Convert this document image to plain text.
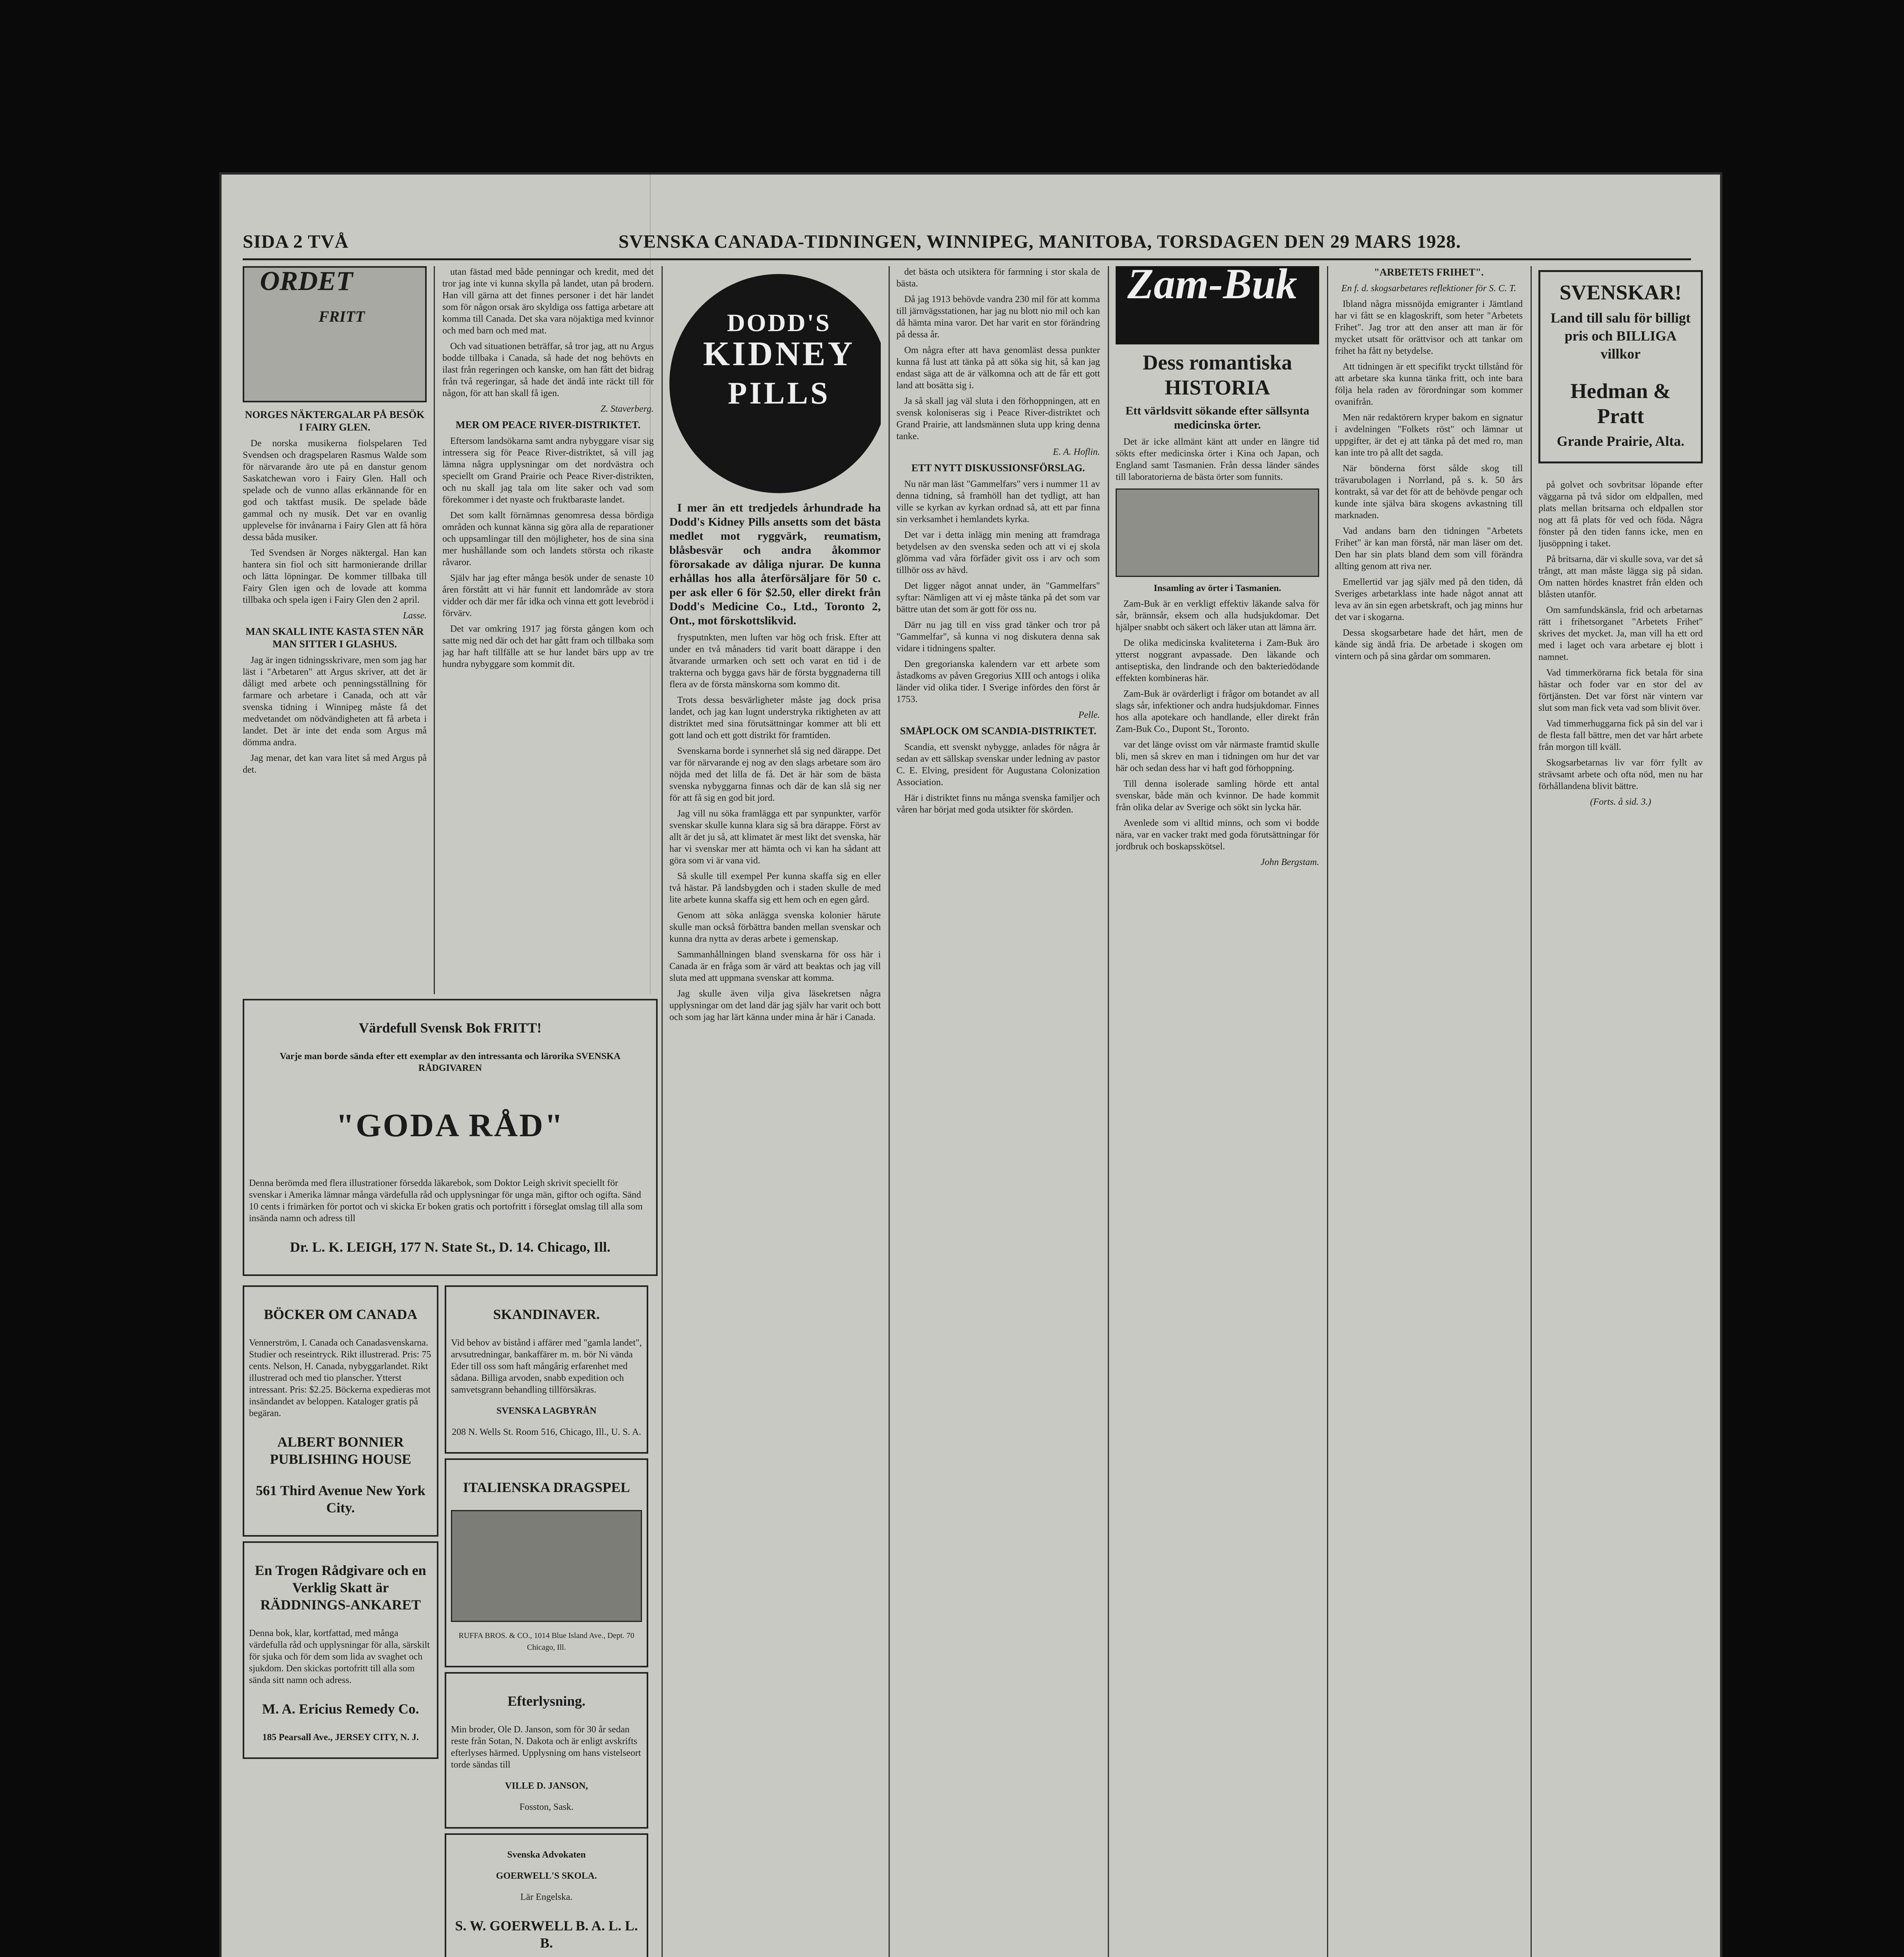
SIDA 2 TVÅ	SVENSKA CANADA-TIDNINGEN, WINNIPEG, MANITOBA, TORSDAGEN DEN 29 MARS 1928.
ORDET
FRITT

NORGES NÄKTERGALAR PÅ BESÖK I FAIRY GLEN.

De norska musikerna fiolspelaren Ted Svendsen och dragspelaren Rasmus Walde som för närvarande äro ute på en danstur genom Saskatchewan voro i Fairy Glen. Hall och spelade och de vunno allas erkännande för en god och taktfast musik. De spelade både gammal och ny musik. Det var en ovanlig upplevelse för invånarna i Fairy Glen att få höra dessa båda musiker.

Ted Svendsen är Norges näktergal. Han kan hantera sin fiol och sitt harmonierande drillar och lätta löpningar. De kommer tillbaka till Fairy Glen igen och de lovade att komma tillbaka och spela igen i Fairy Glen den 2 april.

Lasse.

MAN SKALL INTE KASTA STEN NÄR MAN SITTER I GLASHUS.

Jag är ingen tidningsskrivare, men som jag har läst i "Arbetaren" att Argus skriver, att det är dåligt med arbete och penningsställning för farmare och arbetare i Canada, och att vår svenska tidning i Winnipeg måste få det medvetandet om nödvändigheten att få arbeta i landet. Det är inte det enda som Argus må dömma andra.

Jag menar, det kan vara litet så med Argus på det.

utan fästad med både penningar och kredit, med det tror jag inte vi kunna skylla på landet, utan på brodern. Han vill gärna att det finnes personer i det här landet som för någon orsak äro skyldiga oss fattiga arbetare att komma till Canada. Det ska vara nöjaktiga med kvinnor och med barn och med mat.

Och vad situationen beträffar, så tror jag, att nu Argus bodde tillbaka i Canada, så hade det nog behövts en ilast från regeringen och kanske, om han fått det bidrag från två regeringar, så hade det ändå inte räckt till för någon, för att han skall få igen.

Z. Staverberg.

MER OM PEACE RIVER-DISTRIKTET.

Eftersom landsökarna samt andra nybyggare visar sig intressera sig för Peace River-distriktet, så vill jag lämna några upplysningar om det nordvästra och speciellt om Grand Prairie och Peace River-distrikten, och nu skall jag tala om lite saker och vad som förekommer i det nyaste och fruktbaraste landet.

Det som kallt förnämnas genomresa dessa bördiga områden och kunnat känna sig göra alla de reparationer och uppsamlingar till den möjligheter, hos de sina sina mer hushållande som och landets största och rikaste råvaror.

Själv har jag efter många besök under de senaste 10 åren förstått att vi här funnit ett landområde av stora vidder och där mer får idka och vinna ett gott levebröd i förvärv.

Det var omkring 1917 jag första gången kom och satte mig ned där och det har gått fram och tillbaka som jag har haft tillfälle att se hur landet bärs upp av tre hundra nybyggare som kommit dit.

Värdefull Svensk Bok FRITT!

Varje man borde sända efter ett exemplar av den intressanta och lärorika SVENSKA RÅDGIVAREN

"GODA RÅD"

Denna berömda med flera illustrationer försedda läkarebok, som Doktor Leigh skrivit speciellt för svenskar i Amerika lämnar många värdefulla råd och upplysningar för unga män, giftor och ogifta. Sänd 10 cents i frimärken för portot och vi skicka Er boken gratis och portofritt i förseglat omslag till alla som insända namn och adress till

Dr. L. K. LEIGH, 177 N. State St., D. 14. Chicago, Ill.

BÖCKER OM CANADA

Vennerström, I. Canada och Canadasvenskarna. Studier och reseintryck. Rikt illustrerad. Pris: 75 cents. Nelson, H. Canada, nybyggarlandet. Rikt illustrerad och med tio planscher. Ytterst intressant. Pris: $2.25. Böckerna expedieras mot insändandet av beloppen. Kataloger gratis på begäran.

ALBERT BONNIER PUBLISHING HOUSE

561 Third Avenue New York City.

En Trogen Rådgivare och en Verklig Skatt är RÄDDNINGS-ANKARET

Denna bok, klar, kortfattad, med många värdefulla råd och upplysningar för alla, särskilt för sjuka och för dem som lida av svaghet och sjukdom. Den skickas portofritt till alla som sända sitt namn och adress.

M. A. Ericius Remedy Co.

185 Pearsall Ave., JERSEY CITY, N. J.

SKANDINAVER.

Vid behov av bistånd i affärer med "gamla landet", arvsutredningar, bankaffärer m. m. bör Ni vända Eder till oss som haft mångårig erfarenhet med sådana. Billiga arvoden, snabb expedition och samvetsgrann behandling tillförsäkras.

SVENSKA LAGBYRÅN

208 N. Wells St. Room 516, Chicago, Ill., U. S. A.

ITALIENSKA DRAGSPEL

RUFFA BROS. & CO., 1014 Blue Island Ave., Dept. 70 Chicago, Ill.

Efterlysning.

Min broder, Ole D. Janson, som för 30 år sedan reste från Sotan, N. Dakota och är enligt avskrifts efterlyses härmed. Upplysning om hans vistelseort torde sändas till

VILLE D. JANSON,

Fosston, Sask.

Svenska Advokaten

GOERWELL'S SKOLA.

Lär Engelska.

S. W. GOERWELL B. A. L. L. B.

DODD'S
KIDNEY
PILLS

I mer än ett tredjedels århundrade ha Dodd's Kidney Pills ansetts som det bästa medlet mot ryggvärk, reumatism, blåsbesvär och andra åkommor förorsakade av dåliga njurar. De kunna erhållas hos alla återförsäljare för 50 c. per ask eller 6 för $2.50, eller direkt från Dodd's Medicine Co., Ltd., Toronto 2, Ont., mot förskottslikvid.

frysputnkten, men luften var hög och frisk. Efter att under en två månaders tid varit boatt därappe i den åtvarande urmarken och sett och varat en tid i de trakterna och bygga gavs här de första byggnaderna till flera av de första mänskorna som kommo dit.

Trots dessa besvärligheter måste jag dock prisa landet, och jag kan lugnt understryka riktigheten av att distriktet med sina förutsättningar kommer att bli ett gott land och ett gott distrikt för framtiden.

Svenskarna borde i synnerhet slå sig ned därappe. Det var för närvarande ej nog av den slags arbetare som äro nöjda med det lilla de få. Det är här som de bästa svenska nybyggarna finnas och där de kan slå sig ner för att få sig en god bit jord.

Jag vill nu söka framlägga ett par synpunkter, varför svenskar skulle kunna klara sig så bra därappe. Först av allt är det ju så, att klimatet är mest likt det svenska, här har vi svenskar mer att hämta och vi kan ha sådant att göra som vi är vana vid.

Så skulle till exempel Per kunna skaffa sig en eller två hästar. På landsbygden och i staden skulle de med lite arbete kunna skaffa sig ett hem och en egen gård.

Genom att söka anlägga svenska kolonier härute skulle man också förbättra banden mellan svenskar och kunna dra nytta av deras arbete i gemenskap.

Sammanhållningen bland svenskarna för oss här i Canada är en fråga som är värd att beaktas och jag vill sluta med att uppmana svenskar att komma.

Jag skulle även vilja giva läsekretsen några upplysningar om det land där jag själv har varit och bott och som jag har lärt känna under mina år här i Canada.

det bästa och utsiktera för farmning i stor skala de bästa.

Då jag 1913 behövde vandra 230 mil för att komma till järnvägsstationen, har jag nu blott nio mil och kan då hämta mina varor. Det har varit en stor förändring på dessa år.

Om några efter att hava genomläst dessa punkter kunna få lust att tänka på att söka sig hit, så kan jag endast säga att de är välkomna och att de får ett gott land att bosätta sig i.

Ja så skall jag väl sluta i den förhoppningen, att en svensk koloniseras sig i Peace River-distriktet och Grand Prairie, att landsmännen sluta upp kring denna tanke.

E. A. Hoflin.

ETT NYTT DISKUSSIONSFÖRSLAG.

Nu när man läst "Gammelfars" vers i nummer 11 av denna tidning, så framhöll han det tydligt, att han ville se kyrkan av kyrkan ordnad så, att ett par finna sin verksamhet i hemlandets kyrka.

Det var i detta inlägg min mening att framdraga betydelsen av den svenska seden och att vi ej skola glömma vad våra förfäder givit oss i arv och som tillhör oss av hävd.

Det ligger något annat under, än "Gammelfars" syftar: Nämligen att vi ej måste tänka på det som var bättre utan det som är gott för oss nu.

Därr nu jag till en viss grad tänker och tror på "Gammelfar", så kunna vi nog diskutera denna sak vidare i tidningens spalter.

Den gregorianska kalendern var ett arbete som åstadkoms av påven Gregorius XIII och antogs i olika länder vid olika tider. I Sverige infördes den först år 1753.

Pelle.

SMÅPLOCK OM SCANDIA-DISTRIKTET.

Scandia, ett svenskt nybygge, anlades för några år sedan av ett sällskap svenskar under ledning av pastor C. E. Elving, president för Augustana Colonization Association.

Här i distriktet finns nu många svenska familjer och våren har börjat med goda utsikter för skörden.

Zam-Buk

Dess romantiska HISTORIA

Ett världsvitt sökande efter sällsynta medicinska örter.

Det är icke allmänt känt att under en längre tid sökts efter medicinska örter i Kina och Japan, och England samt Tasmanien. Från dessa länder sändes till laboratorierna de bästa örter som funnits.

Insamling av örter i Tasmanien.

Zam-Buk är en verkligt effektiv läkande salva för sår, brännsår, eksem och alla hudsjukdomar. Det hjälper snabbt och säkert och läker utan att lämna ärr.

De olika medicinska kvaliteterna i Zam-Buk äro ytterst noggrant avpassade. Den läkande och antiseptiska, den lindrande och den bakteriedödande effekten kombineras här.

Zam-Buk är ovärderligt i frågor om botandet av all slags sår, infektioner och andra hudsjukdomar. Finnes hos alla apotekare och handlande, eller direkt från Zam-Buk Co., Dupont St., Toronto.

var det länge ovisst om vår närmaste framtid skulle bli, men så skrev en man i tidningen om hur det var här och sedan dess har vi haft god förhoppning.

Till denna isolerade samling hörde ett antal svenskar, både män och kvinnor. De hade kommit från olika delar av Sverige och sökt sin lycka här.

Avenlede som vi alltid minns, och som vi bodde nära, var en vacker trakt med goda förutsättningar för jordbruk och boskapsskötsel.

John Bergstam.

"ARBETETS FRIHET".

En f. d. skogsarbetares reflektioner för S. C. T.

Ibland några missnöjda emigranter i Jämtland har vi fått se en klagoskrift, som heter "Arbetets Frihet". Jag tror att den anser att man är för mycket utsatt för orättvisor och att tankar om frihet ha fått ny betydelse.

Att tidningen är ett specifikt tryckt tillstånd för att arbetare ska kunna tänka fritt, och inte bara följa hela raden av förordningar som kommer ovanifrån.

Men när redaktörern kryper bakom en signatur i avdelningen "Folkets röst" och lämnar ut uppgifter, är det ej att tänka på det med ro, man kan inte tro på allt det sagda.

När bönderna först sålde skog till trävarubolagen i Norrland, på s. k. 50 års kontrakt, så var det för att de behövde pengar och kunde inte själva bära skogens avkastning till marknaden.

Vad andans barn den tidningen "Arbetets Frihet" är kan man förstå, när man läser om det. Den har sin plats bland dem som vill förändra allting genom att riva ner.

Emellertid var jag själv med på den tiden, då Sveriges arbetarklass inte hade något annat att leva av än sin egen arbetskraft, och jag minns hur det var i skogarna.

Dessa skogsarbetare hade det hårt, men de kände sig ändå fria. De arbetade i skogen om vintern och på sina gårdar om sommaren.

SVENSKAR!

Land till salu för billigt pris och BILLIGA villkor

Hedman & Pratt

Grande Prairie, Alta.

på golvet och sovbritsar löpande efter väggarna på två sidor om eldpallen, med plats mellan britsarna och eldpallen stor nog att få plats för ved och föda. Några fönster på den tiden fanns icke, men en ljusöppning i taket.

På britsarna, där vi skulle sova, var det så trångt, att man måste lägga sig på sidan. Om natten hördes knastret från elden och blåsten utanför.

Om samfundskänsla, frid och arbetarnas rätt i frihetsorganet "Arbetets Frihet" skrives det mycket. Ja, man vill ha ett ord med i laget och vara arbetare ej blott i namnet.

Vad timmerkörarna fick betala för sina hästar och foder var en stor del av förtjänsten. Det var först när vintern var slut som man fick veta vad som blivit över.

Vad timmerhuggarna fick på sin del var i de flesta fall bättre, men det var hårt arbete från morgon till kväll.

Skogsarbetarnas liv var förr fyllt av strävsamt arbete och ofta nöd, men nu har förhållandena blivit bättre.

(Forts. å sid. 3.)
